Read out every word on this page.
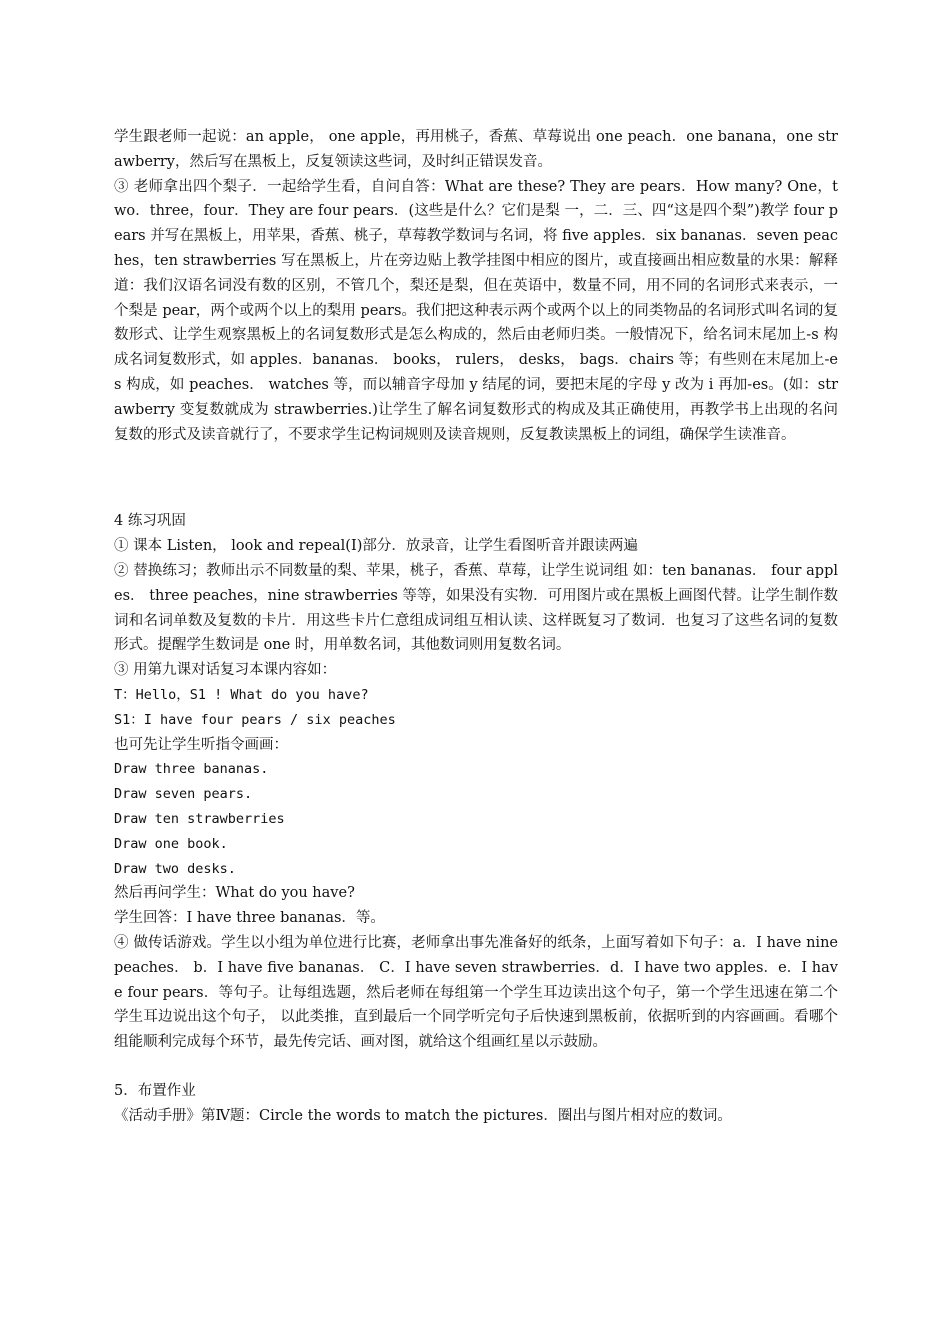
学生跟老师一起说：an apple， one apple，再用桃子，香蕉、草莓说出 one peach．one banana，one strawberry，然后写在黑板上，反复领读这些词，及时纠正错误发音。

③ 老师拿出四个梨子．一起给学生看，自问自答：What are these? They are pears．How many? One，two．three，four．They are four pears．(这些是什么？它们是梨 一，二．三、四“这是四个梨”)教学 four pears 并写在黑板上，用苹果，香蕉、桃子，草莓教学数词与名词，将 five apples．six bananas．seven peaches，ten strawberries 写在黑板上，片在旁边贴上教学挂图中相应的图片，或直接画出相应数量的水果：解释道：我们汉语名词没有数的区别，不管几个，梨还是梨，但在英语中，数量不同，用不同的名词形式来表示，一个梨是 pear，两个或两个以上的梨用 pears。我们把这种表示两个或两个以上的同类物品的名词形式叫名词的复数形式、让学生观察黑板上的名词复数形式是怎么构成的，然后由老师归类。一般情况下，给名词末尾加上-s 构成名词复数形式，如 apples．bananas． books， rulers， desks， bags．chairs 等；有些则在末尾加上-es 构成，如 peaches． watches 等，而以辅音字母加 y 结尾的词，要把末尾的字母 y 改为 i 再加-es。(如：strawberry 变复数就成为 strawberries.)让学生了解名词复数形式的构成及其正确使用，再教学书上出现的名问复数的形式及读音就行了，不要求学生记构词规则及读音规则，反复教读黑板上的词组，确保学生读准音。

4 练习巩固

① 课本 Listen， look and repeal(I)部分．放录音，让学生看图听音并跟读两遍

② 替换练习；教师出示不同数量的梨、苹果，桃子，香蕉、草莓，让学生说词组 如：ten bananas． four apples． three peaches，nine strawberries 等等，如果没有实物．可用图片或在黑板上画图代替。让学生制作数词和名词单数及复数的卡片．用这些卡片仁意组成词组互相认读、这样既复习了数词．也复习了这些名词的复数形式。提醒学生数词是 one 时，用单数名词，其他数词则用复数名词。

③ 用第九课对话复习本课内容如：

T：Hello，S1 ! What do you have?

S1：I have four pears / six peaches

也可先让学生听指令画画：

Draw three bananas.

Draw seven pears.

Draw ten strawberries

Draw one book.

Draw two desks.

然后再问学生：What do you have?

学生回答：I have three bananas．等。

④ 做传话游戏。学生以小组为单位进行比赛，老师拿出事先准备好的纸条，上面写着如下句子：a．I have nine peaches． b．I have five bananas． C．I have seven strawberries．d．I have two apples．e．I have four pears．等句子。让每组选题，然后老师在每组第一个学生耳边读出这个句子，第一个学生迅速在第二个学生耳边说出这个句子， 以此类推，直到最后一个同学听完句子后快速到黑板前，依据听到的内容画画。看哪个组能顺利完成每个环节，最先传完话、画对图，就给这个组画红星以示鼓励。

5．布置作业

《活动手册》第Ⅳ题：Circle the words to match the pictures．圈出与图片相对应的数词。
